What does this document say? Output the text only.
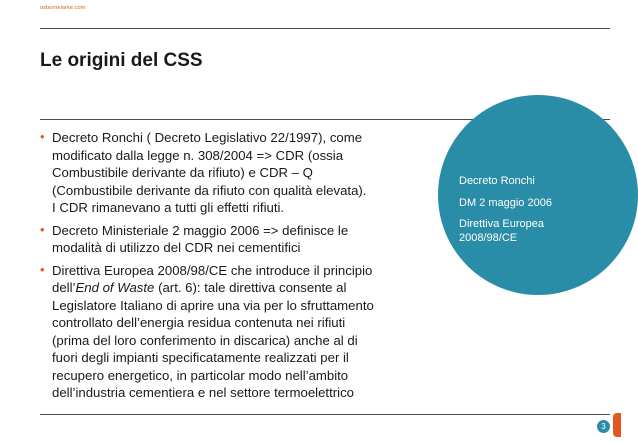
osbornelarke.com
Le origini del CSS
• Decreto Ronchi ( Decreto Legislativo 22/1997), come
modificato dalla legge n. 308/2004 => CDR (ossia
Combustibile derivante da rifiuto) e CDR – Q
(Combustibile derivante da rifiuto con qualità elevata).
I CDR rimanevano a tutti gli effetti rifiuti.
• Decreto Ministeriale 2 maggio 2006 => definisce le
modalità di utilizzo del CDR nei cementifici
• Direttiva Europea 2008/98/CE che introduce il principio
dell’End of Waste (art. 6): tale direttiva consente al
Legislatore Italiano di aprire una via per lo sfruttamento
controllato dell’energia residua contenuta nei rifiuti
(prima del loro conferimento in discarica) anche al di
fuori degli impianti specificatamente realizzati per il
recupero energetico, in particolar modo nell’ambito
dell’industria cementiera e nel settore termoelettrico
Decreto Ronchi
DM 2 maggio 2006
Direttiva Europea 2008/98/CE
3
